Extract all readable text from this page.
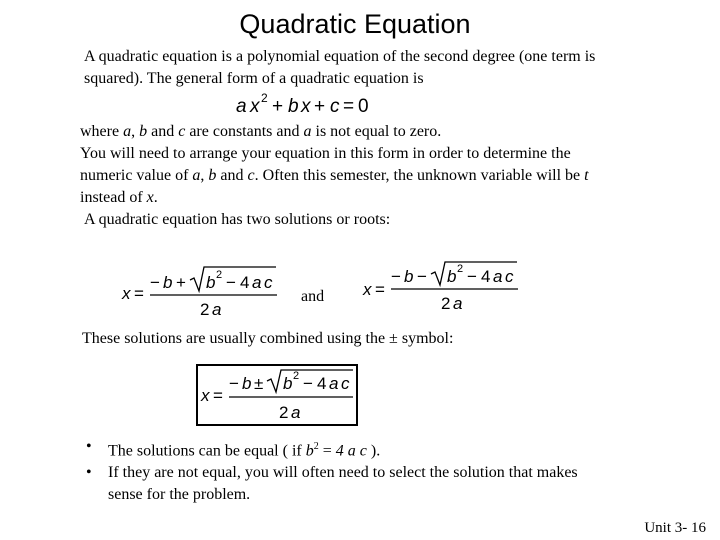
Quadratic Equation
A quadratic equation is a polynomial equation of the second degree (one term is
squared). The general form of a quadratic equation is
a x 2 + b x + c = 0
where a, b and c are constants and a is not equal to zero.
You will need to arrange your equation in this form in order to determine the
numeric value of a, b and c. Often this semester, the unknown variable will be t
instead of x.
A quadratic equation has two solutions or roots:
x =
− b + b 2 − 4 a c
2 a
and x =
− b − b 2 − 4 a c
2 a
These solutions are usually combined using the ± symbol:
x =
− b ± b 2 − 4 a c
2 a
•	The solutions can be equal ( if $b^2 = 4$ a c ).
•	If they are not equal, you will often need to select the solution that makes
sense for the problem.
Unit 3- 16
